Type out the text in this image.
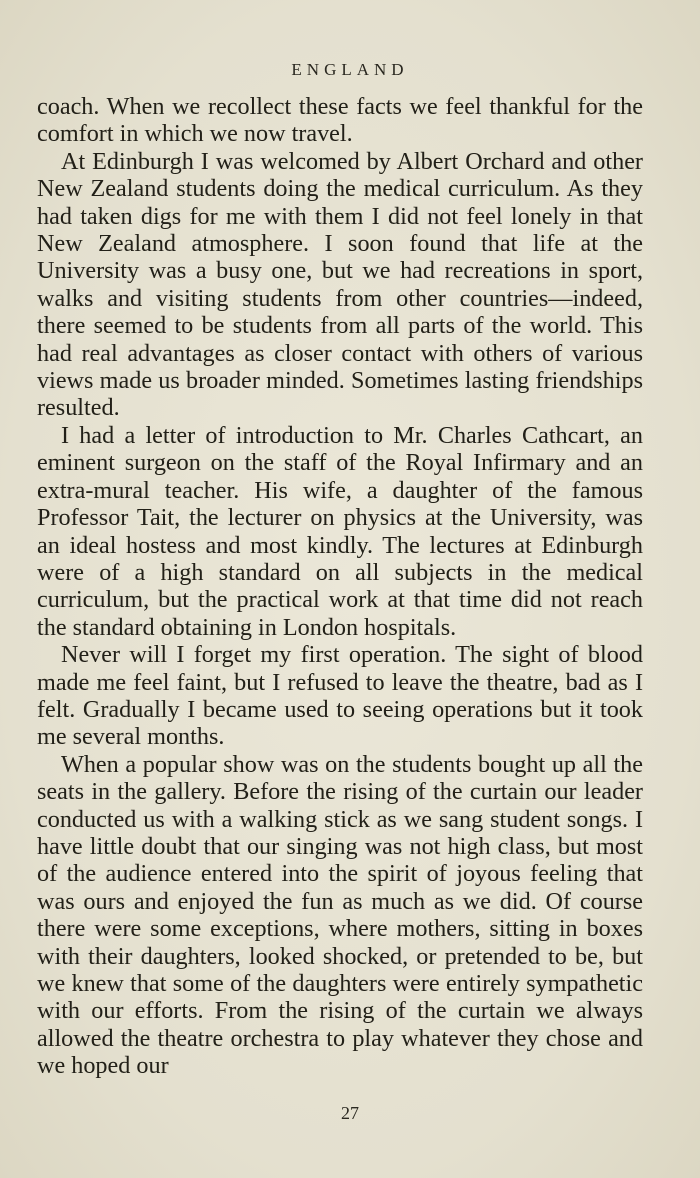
ENGLAND

coach. When we recollect these facts we feel thankful for the comfort in which we now travel.

At Edinburgh I was welcomed by Albert Orchard and other New Zealand students doing the medical curriculum. As they had taken digs for me with them I did not feel lonely in that New Zealand atmosphere. I soon found that life at the University was a busy one, but we had recreations in sport, walks and visiting students from other countries—indeed, there seemed to be students from all parts of the world. This had real advantages as closer contact with others of various views made us broader minded. Sometimes lasting friendships resulted.

I had a letter of introduction to Mr. Charles Cathcart, an eminent surgeon on the staff of the Royal Infirmary and an extra-mural teacher. His wife, a daughter of the famous Professor Tait, the lecturer on physics at the University, was an ideal hostess and most kindly. The lectures at Edinburgh were of a high standard on all subjects in the medical curriculum, but the practical work at that time did not reach the standard obtaining in London hospitals.

Never will I forget my first operation. The sight of blood made me feel faint, but I refused to leave the theatre, bad as I felt. Gradually I became used to seeing operations but it took me several months.

When a popular show was on the students bought up all the seats in the gallery. Before the rising of the curtain our leader conducted us with a walking stick as we sang student songs. I have little doubt that our singing was not high class, but most of the audience entered into the spirit of joyous feeling that was ours and enjoyed the fun as much as we did. Of course there were some exceptions, where mothers, sitting in boxes with their daughters, looked shocked, or pretended to be, but we knew that some of the daughters were entirely sympathetic with our efforts. From the rising of the curtain we always allowed the theatre orchestra to play whatever they chose and we hoped our

27
